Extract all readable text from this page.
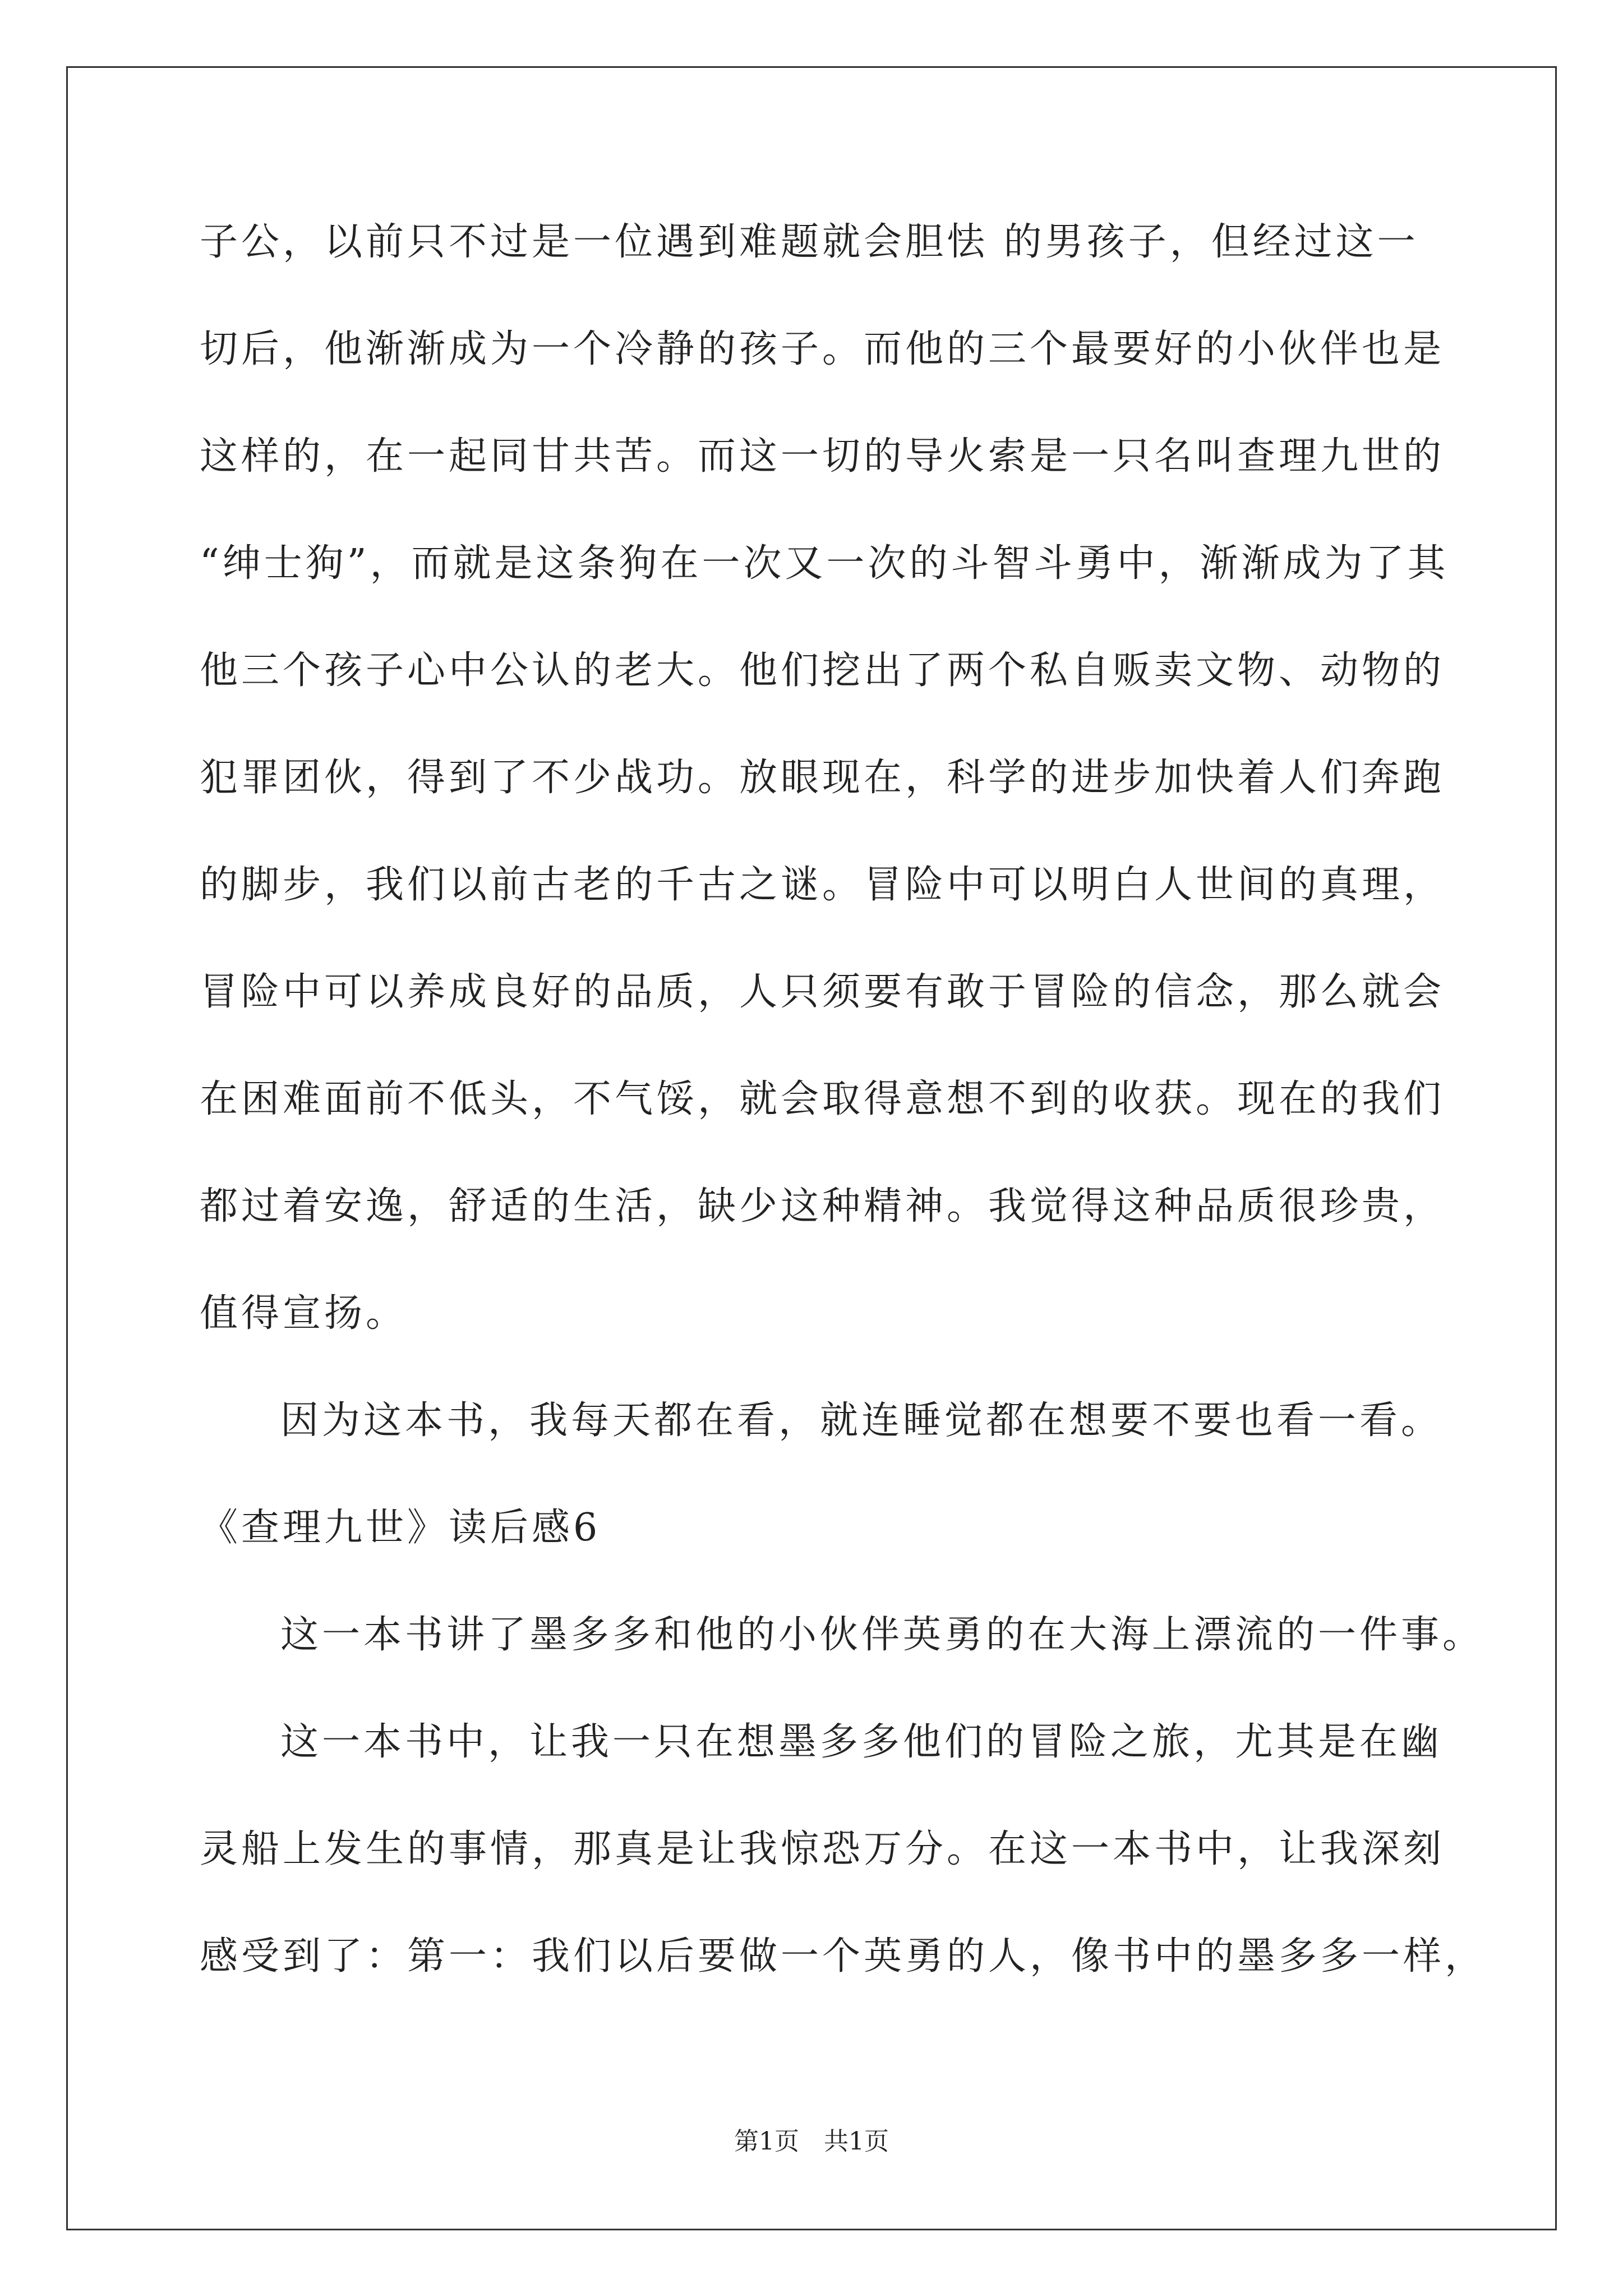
子公，以前只不过是一位遇到难题就会胆怯 的男孩子，但经过这一
切后，他渐渐成为一个冷静的孩子。而他的三个最要好的小伙伴也是
这样的，在一起同甘共苦。而这一切的导火索是一只名叫查理九世的
“绅士狗”，而就是这条狗在一次又一次的斗智斗勇中，渐渐成为了其
他三个孩子心中公认的老大。他们挖出了两个私自贩卖文物、动物的
犯罪团伙，得到了不少战功。放眼现在，科学的进步加快着人们奔跑
的脚步，我们以前古老的千古之谜。冒险中可以明白人世间的真理，
冒险中可以养成良好的品质，人只须要有敢于冒险的信念，那么就会
在困难面前不低头，不气馁，就会取得意想不到的收获。现在的我们
都过着安逸，舒适的生活，缺少这种精神。我觉得这种品质很珍贵，
值得宣扬。
因为这本书，我每天都在看，就连睡觉都在想要不要也看一看。
《查理九世》读后感6
这一本书讲了墨多多和他的小伙伴英勇的在大海上漂流的一件事。
这一本书中，让我一只在想墨多多他们的冒险之旅，尤其是在幽
灵船上发生的事情，那真是让我惊恐万分。在这一本书中，让我深刻
感受到了：第一：我们以后要做一个英勇的人，像书中的墨多多一样，
第1页　共1页
